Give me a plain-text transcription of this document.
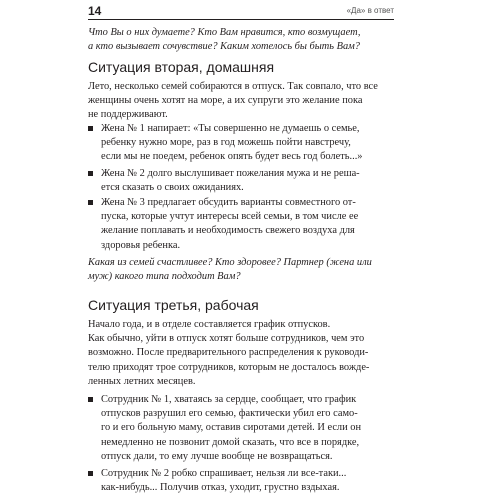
14	«Да» в ответ
Что Вы о них думаете? Кто Вам нравится, кто возмущает,
а кто вызывает сочувствие? Каким хотелось бы быть Вам?
Ситуация вторая, домашняя
Лето, несколько семей собираются в отпуск. Так совпало, что все
женщины очень хотят на море, а их супруги это желание пока
не поддерживают.
Жена № 1 напирает: «Ты совершенно не думаешь о семье,
ребенку нужно море, раз в год можешь пойти навстречу,
если мы не поедем, ребенок опять будет весь год болеть...»
Жена № 2 долго выслушивает пожелания мужа и не реша-
ется сказать о своих ожиданиях.
Жена № 3 предлагает обсудить варианты совместного от-
пуска, которые учтут интересы всей семьи, в том числе ее
желание поплавать и необходимость свежего воздуха для
здоровья ребенка.
Какая из семей счастливее? Кто здоровее? Партнер (жена или
муж) какого типа подходит Вам?
Ситуация третья, рабочая
Начало года, и в отделе составляется график отпусков.
Как обычно, уйти в отпуск хотят больше сотрудников, чем это
возможно. После предварительного распределения к руководи-
телю приходят трое сотрудников, которым не досталось вожде-
ленных летних месяцев.
Сотрудник № 1, хватаясь за сердце, сообщает, что график
отпусков разрушил его семью, фактически убил его само-
го и его больную маму, оставив сиротами детей. И если он
немедленно не позвонит домой сказать, что все в порядке,
отпуск дали, то ему лучше вообще не возвращаться.
Сотрудник № 2 робко спрашивает, нельзя ли все-таки...
как-нибудь... Получив отказ, уходит, грустно вздыхая.
